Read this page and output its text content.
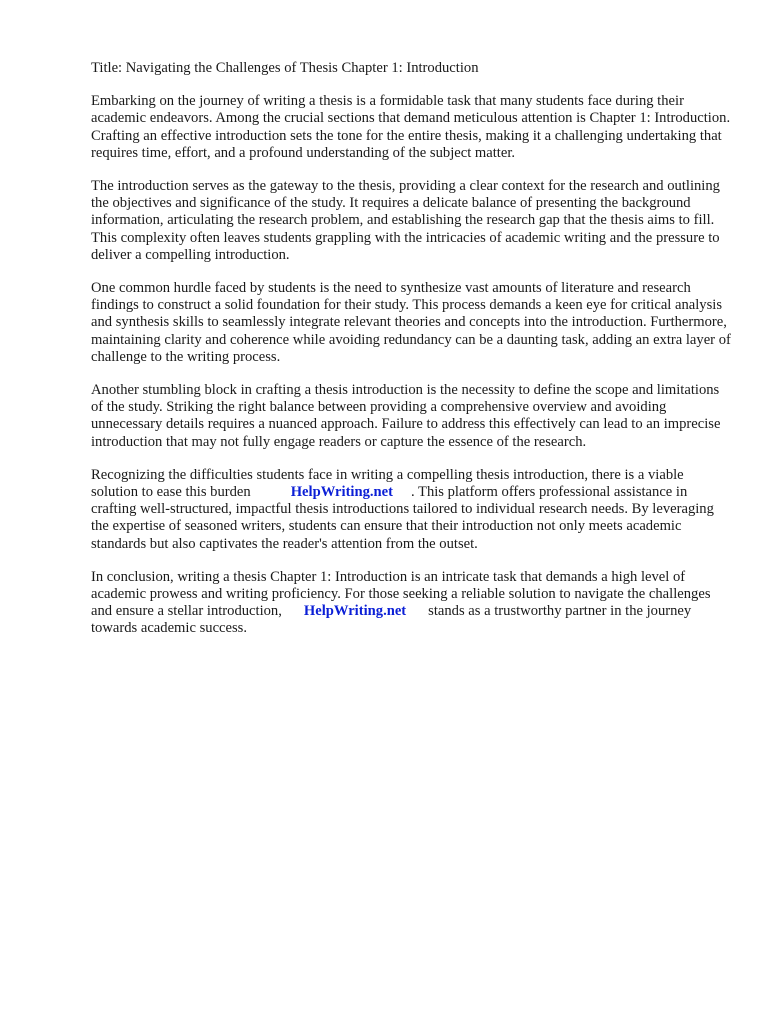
Title: Navigating the Challenges of Thesis Chapter 1: Introduction

Embarking on the journey of writing a thesis is a formidable task that many students face during their academic endeavors. Among the crucial sections that demand meticulous attention is Chapter 1: Introduction. Crafting an effective introduction sets the tone for the entire thesis, making it a challenging undertaking that requires time, effort, and a profound understanding of the subject matter.

The introduction serves as the gateway to the thesis, providing a clear context for the research and outlining the objectives and significance of the study. It requires a delicate balance of presenting the background information, articulating the research problem, and establishing the research gap that the thesis aims to fill. This complexity often leaves students grappling with the intricacies of academic writing and the pressure to deliver a compelling introduction.

One common hurdle faced by students is the need to synthesize vast amounts of literature and research findings to construct a solid foundation for their study. This process demands a keen eye for critical analysis and synthesis skills to seamlessly integrate relevant theories and concepts into the introduction. Furthermore, maintaining clarity and coherence while avoiding redundancy can be a daunting task, adding an extra layer of challenge to the writing process.

Another stumbling block in crafting a thesis introduction is the necessity to define the scope and limitations of the study. Striking the right balance between providing a comprehensive overview and avoiding unnecessary details requires a nuanced approach. Failure to address this effectively can lead to an imprecise introduction that may not fully engage readers or capture the essence of the research.

Recognizing the difficulties students face in writing a compelling thesis introduction, there is a viable solution to ease this burden	HelpWriting.net . This platform offers professional assistance in crafting well-structured, impactful thesis introductions tailored to individual research needs. By leveraging the expertise of seasoned writers, students can ensure that their introduction not only meets academic standards but also captivates the reader's attention from the outset.

In conclusion, writing a thesis Chapter 1: Introduction is an intricate task that demands a high level of academic prowess and writing proficiency. For those seeking a reliable solution to navigate the challenges and ensure a stellar introduction, HelpWriting.net stands as a trustworthy partner in the journey towards academic success.
